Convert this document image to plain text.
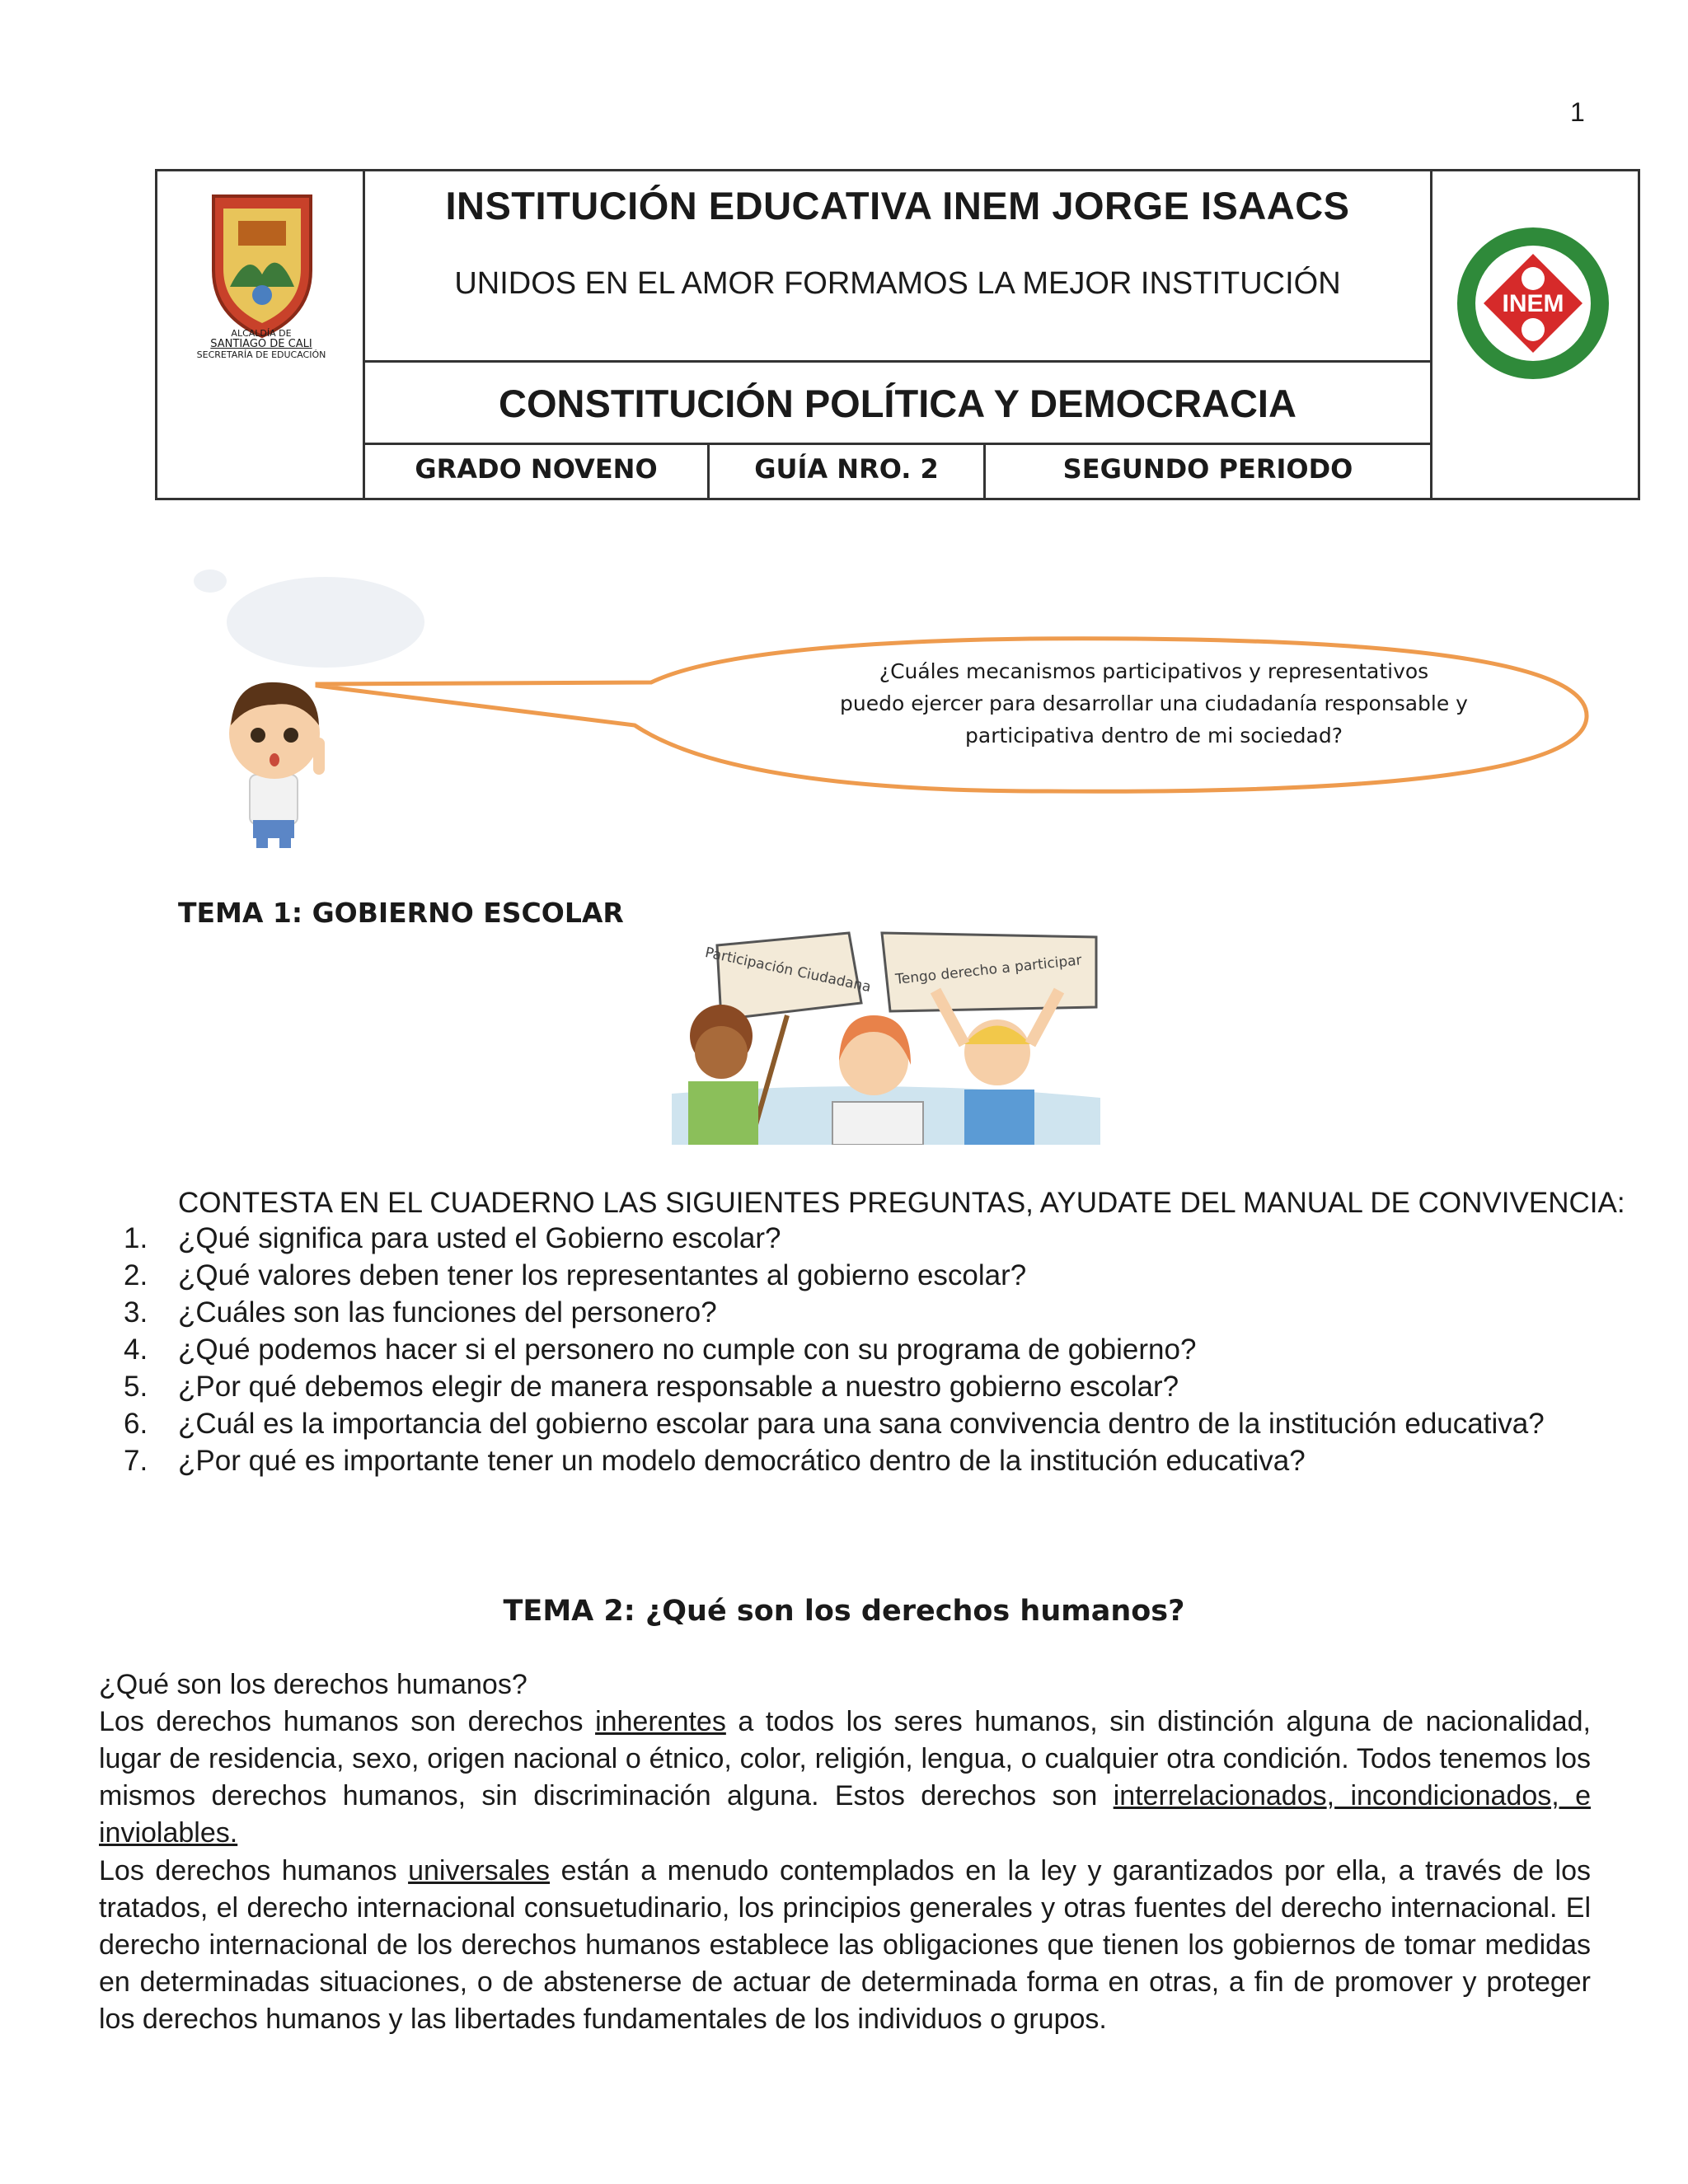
1
ALCALDÍA DE
SANTIAGO DE CALI
SECRETARÍA DE EDUCACIÓN
INSTITUCIÓN EDUCATIVA INEM JORGE ISAACS
UNIDOS EN EL AMOR FORMAMOS LA MEJOR INSTITUCIÓN
CONSTITUCIÓN POLÍTICA Y DEMOCRACIA
GRADO NOVENO	GUÍA NRO. 2	SEGUNDO PERIODO
INEM
¿Cuáles mecanismos participativos y representativos
puedo ejercer para desarrollar una ciudadanía responsable y
participativa dentro de mi sociedad?
TEMA 1: GOBIERNO ESCOLAR
Participación Ciudadana Tengo derecho a participar
CONTESTA EN EL CUADERNO LAS SIGUIENTES PREGUNTAS, AYUDATE DEL MANUAL DE CONVIVENCIA:
1. ¿Qué significa para usted el Gobierno escolar?
2. ¿Qué valores deben tener los representantes al gobierno escolar?
3. ¿Cuáles son las funciones del personero?
4. ¿Qué podemos hacer si el personero no cumple con su programa de gobierno?
5. ¿Por qué debemos elegir de manera responsable a nuestro gobierno escolar?
6. ¿Cuál es la importancia del gobierno escolar para una sana convivencia dentro de la institución educativa?
7. ¿Por qué es importante tener un modelo democrático dentro de la institución educativa?
TEMA 2: ¿Qué son los derechos humanos?
¿Qué son los derechos humanos?
Los derechos humanos son derechos inherentes a todos los seres humanos, sin distinción alguna de nacionalidad, lugar de residencia, sexo, origen nacional o étnico, color, religión, lengua, o cualquier otra condición. Todos tenemos los mismos derechos humanos, sin discriminación alguna. Estos derechos son interrelacionados, incondicionados, e inviolables.
Los derechos humanos universales están a menudo contemplados en la ley y garantizados por ella, a través de los tratados, el derecho internacional consuetudinario, los principios generales y otras fuentes del derecho internacional. El derecho internacional de los derechos humanos establece las obligaciones que tienen los gobiernos de tomar medidas en determinadas situaciones, o de abstenerse de actuar de determinada forma en otras, a fin de promover y proteger los derechos humanos y las libertades fundamentales de los individuos o grupos.
